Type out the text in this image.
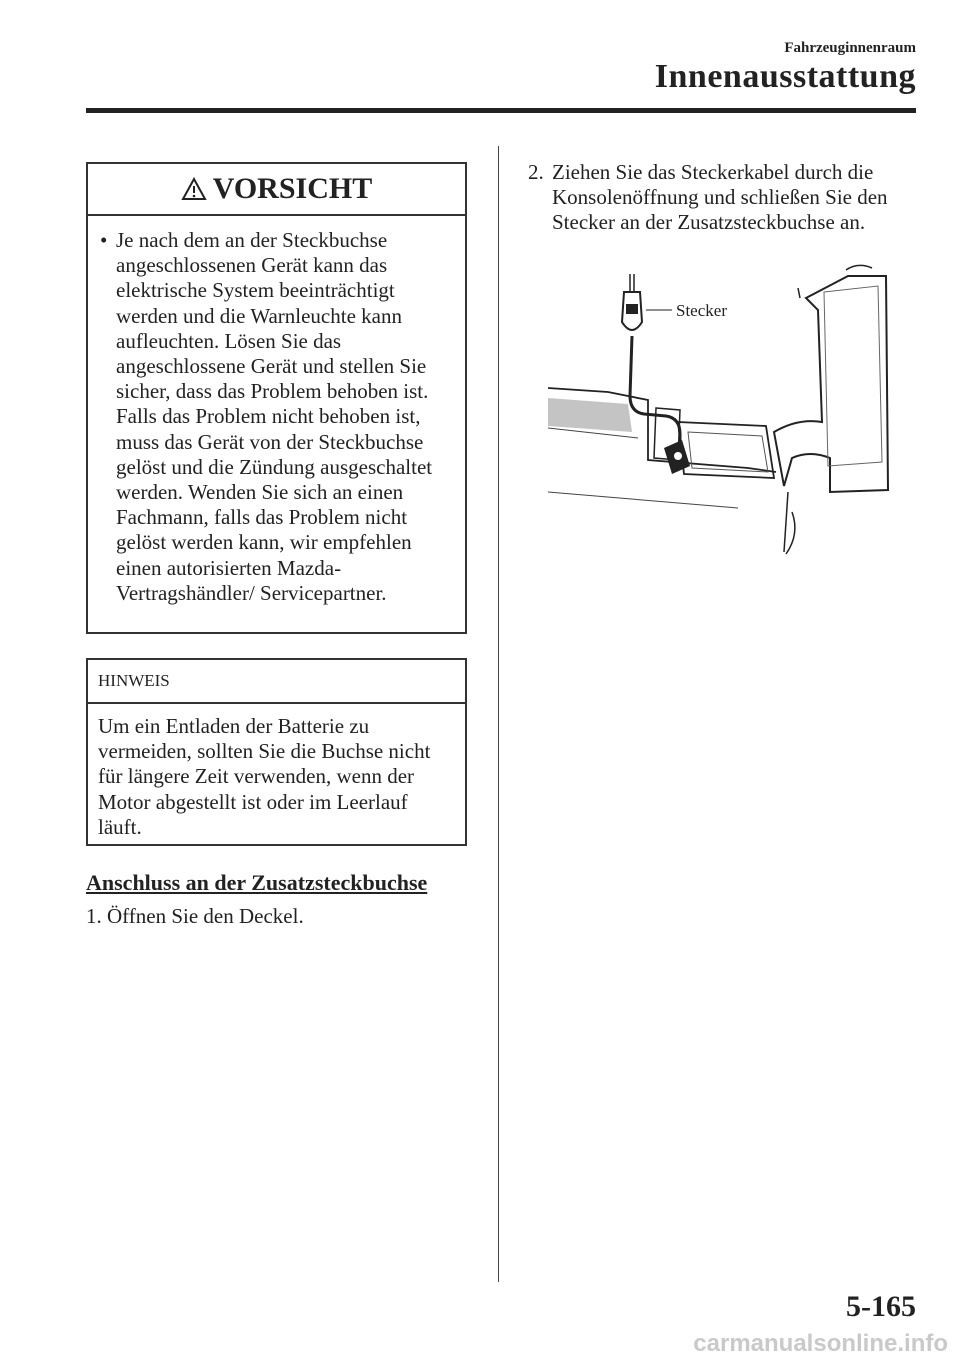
Fahrzeuginnenraum
Innenausstattung
VORSICHT
• Je nach dem an der Steckbuchse angeschlossenen Gerät kann das elektrische System beeinträchtigt werden und die Warnleuchte kann aufleuchten. Lösen Sie das angeschlossene Gerät und stellen Sie sicher, dass das Problem behoben ist. Falls das Problem nicht behoben ist, muss das Gerät von der Steckbuchse gelöst und die Zündung ausgeschaltet werden. Wenden Sie sich an einen Fachmann, falls das Problem nicht gelöst werden kann, wir empfehlen einen autorisierten Mazda-Vertragshändler/ Servicepartner.
HINWEIS
Um ein Entladen der Batterie zu vermeiden, sollten Sie die Buchse nicht für längere Zeit verwenden, wenn der Motor abgestellt ist oder im Leerlauf läuft.
Anschluss an der Zusatzsteckbuchse
1. Öffnen Sie den Deckel.
2. Ziehen Sie das Steckerkabel durch die Konsolenöffnung und schließen Sie den Stecker an der Zusatzsteckbuchse an.
Stecker
5-165
carmanualsonline.info
